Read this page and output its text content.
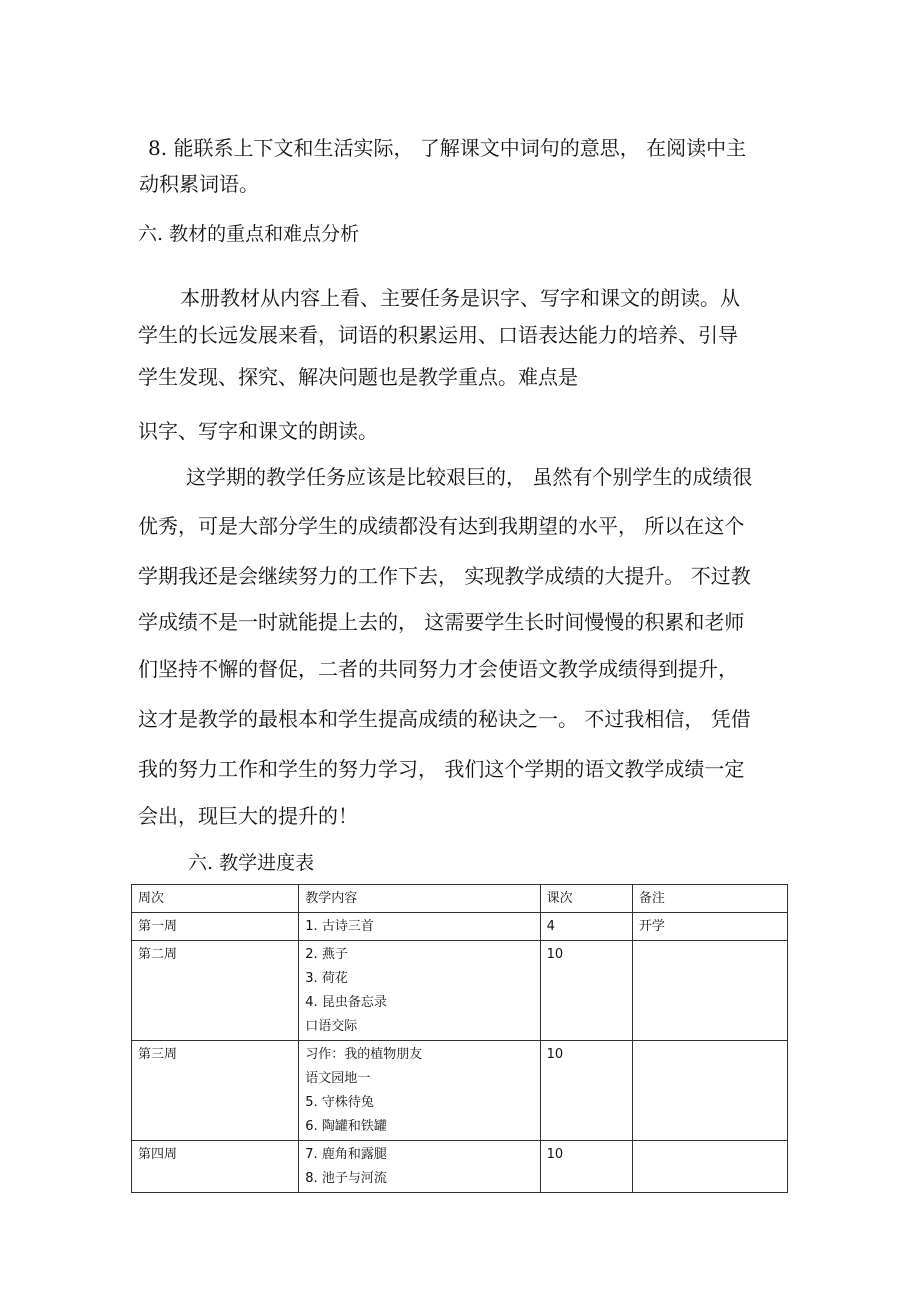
8. 能联系上下文和生活实际， 了解课文中词句的意思， 在阅读中主
动积累词语。
六. 教材的重点和难点分析
本册教材从内容上看、主要任务是识字、写字和课文的朗读。从
学生的长远发展来看，词语的积累运用、口语表达能力的培养、引导
学生发现、探究、解决问题也是教学重点。难点是
识字、写字和课文的朗读。
这学期的教学任务应该是比较艰巨的， 虽然有个别学生的成绩很
优秀，可是大部分学生的成绩都没有达到我期望的水平， 所以在这个
学期我还是会继续努力的工作下去， 实现教学成绩的大提升。 不过教
学成绩不是一时就能提上去的， 这需要学生长时间慢慢的积累和老师
们坚持不懈的督促，二者的共同努力才会使语文教学成绩得到提升，
这才是教学的最根本和学生提高成绩的秘诀之一。 不过我相信， 凭借
我的努力工作和学生的努力学习， 我们这个学期的语文教学成绩一定
会出，现巨大的提升的！
六. 教学进度表
周次	教学内容	课次	备注
第一周	1. 古诗三首	4	开学
第二周	2. 燕子
3. 荷花
4. 昆虫备忘录
口语交际	10	
第三周	习作：我的植物朋友
语文园地一
5. 守株待兔
6. 陶罐和铁罐	10	
第四周	7. 鹿角和露腿
8. 池子与河流	10	
